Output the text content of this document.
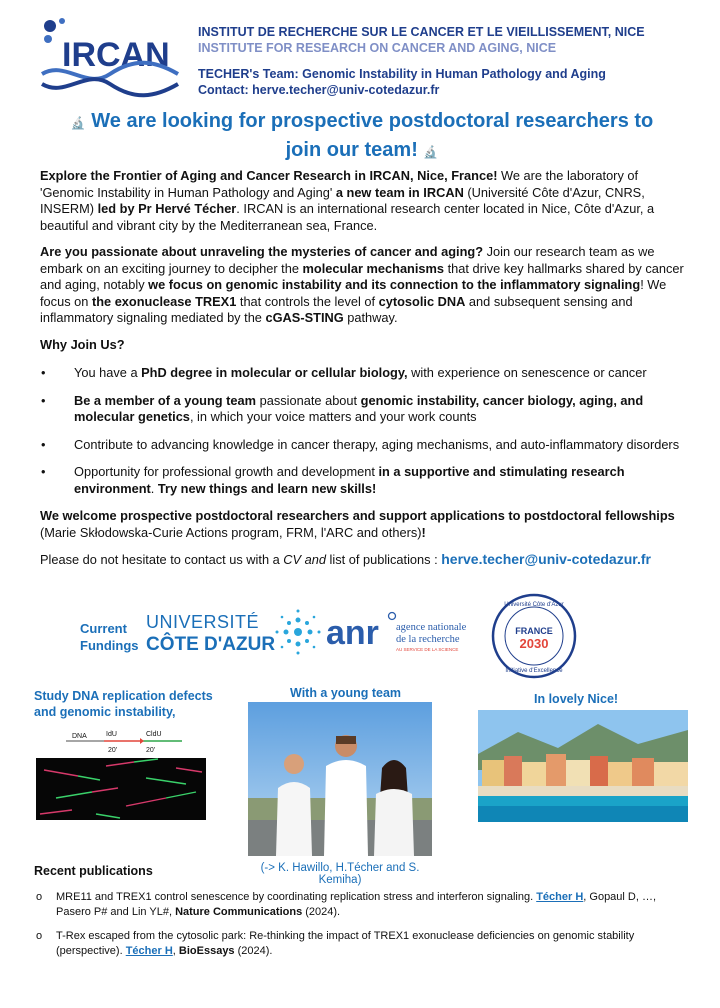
IRCAN
INSTITUT DE RECHERCHE SUR LE CANCER ET LE VIEILLISSEMENT, NICE
INSTITUTE FOR RESEARCH ON CANCER AND AGING, NICE
TECHER's Team: Genomic Instability in Human Pathology and Aging
Contact: herve.techer@univ-cotedazur.fr
🔬 We are looking for prospective postdoctoral researchers to
join our team! 🔬

Explore the Frontier of Aging and Cancer Research in IRCAN, Nice, France! We are the laboratory of 'Genomic Instability in Human Pathology and Aging' a new team in IRCAN (Université Côte d'Azur, CNRS, INSERM) led by Pr Hervé Técher. IRCAN is an international research center located in Nice, Côte d'Azur, a beautiful and vibrant city by the Mediterranean sea, France.

Are you passionate about unraveling the mysteries of cancer and aging? Join our research team as we embark on an exciting journey to decipher the molecular mechanisms that drive key hallmarks shared by cancer and aging, notably we focus on genomic instability and its connection to the inflammatory signaling! We focus on the exonuclease TREX1 that controls the level of cytosolic DNA and subsequent sensing and inflammatory signaling mediated by the cGAS-STING pathway.

Why Join Us?
• You have a PhD degree in molecular or cellular biology, with experience on senescence or cancer
• Be a member of a young team passionate about genomic instability, cancer biology, aging, and molecular genetics, in which your voice matters and your work counts
• Contribute to advancing knowledge in cancer therapy, aging mechanisms, and auto-inflammatory disorders
• Opportunity for professional growth and development in a supportive and stimulating research environment. Try new things and learn new skills!

We welcome prospective postdoctoral researchers and support applications to postdoctoral fellowships (Marie Skłodowska-Curie Actions program, FRM, l'ARC and others)!

Please do not hesitate to contact us with a CV and list of publications : herve.techer@univ-cotedazur.fr

Current
Fundings
UNIVERSITÉ
CÔTE D'AZUR anr agence nationale
de la recherche
AU SERVICE DE LA SCIENCE
Université Côte d'Azur
FRANCE
2030
Initiative d'Excellence
Study DNA replication defects
and genomic instability,
With a young team	In lovely Nice!
DNA	IdU	CldU
20'	20'
(-> K. Hawillo, H.Técher and S. Kemiha)
Recent publications
o MRE11 and TREX1 control senescence by coordinating replication stress and interferon signaling. Técher H, Gopaul D, …, Pasero P# and Lin YL#, Nature Communications (2024).
o T-Rex escaped from the cytosolic park: Re-thinking the impact of TREX1 exonuclease deficiencies on genomic stability (perspective). Técher H, BioEssays (2024).
